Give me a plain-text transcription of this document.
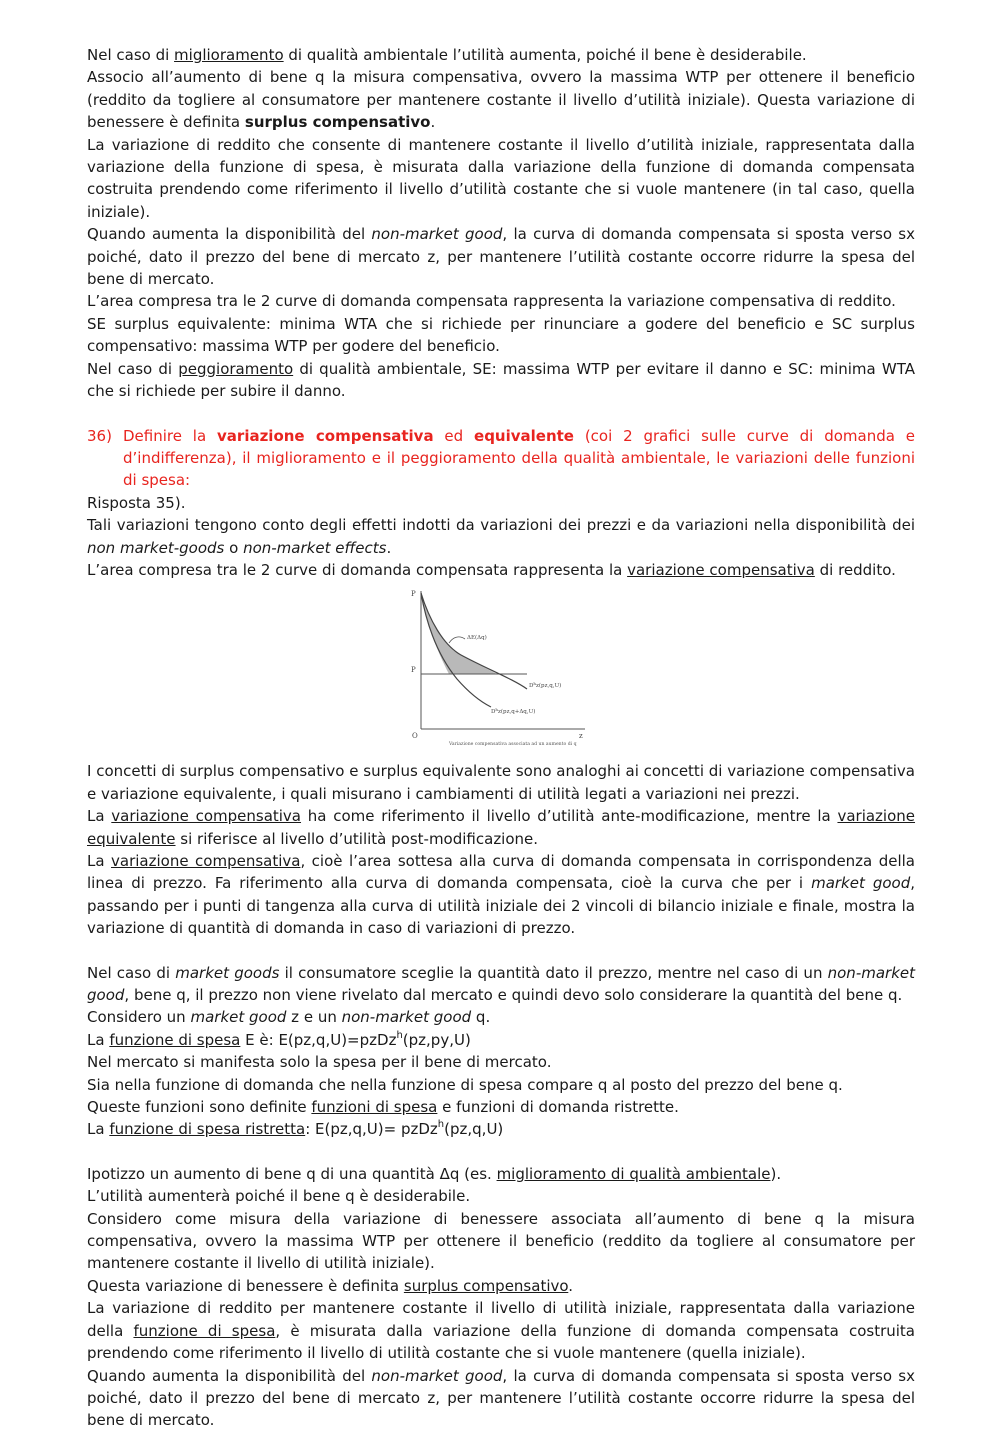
Nel caso di miglioramento di qualità ambientale l’utilità aumenta, poiché il bene è desiderabile.

Associo all’aumento di bene q la misura compensativa, ovvero la massima WTP per ottenere il beneficio (reddito da togliere al consumatore per mantenere costante il livello d’utilità iniziale). Questa variazione di benessere è definita surplus compensativo.

La variazione di reddito che consente di mantenere costante il livello d’utilità iniziale, rappresentata dalla variazione della funzione di spesa, è misurata dalla variazione della funzione di domanda compensata costruita prendendo come riferimento il livello d’utilità costante che si vuole mantenere (in tal caso, quella iniziale).

Quando aumenta la disponibilità del non-market good, la curva di domanda compensata si sposta verso sx poiché, dato il prezzo del bene di mercato z, per mantenere l’utilità costante occorre ridurre la spesa del bene di mercato.

L’area compresa tra le 2 curve di domanda compensata rappresenta la variazione compensativa di reddito.

SE surplus equivalente: minima WTA che si richiede per rinunciare a godere del beneficio e SC surplus compensativo: massima WTP per godere del beneficio.

Nel caso di peggioramento di qualità ambientale, SE: massima WTP per evitare il danno e SC: minima WTA che si richiede per subire il danno.

36) Definire la variazione compensativa ed equivalente (coi 2 grafici sulle curve di domanda e d’indifferenza), il miglioramento e il peggioramento della qualità ambientale, le variazioni delle funzioni di spesa:

Risposta 35).

Tali variazioni tengono conto degli effetti indotti da variazioni dei prezzi e da variazioni nella disponibilità dei non market-goods o non-market effects.

L’area compresa tra le 2 curve di domanda compensata rappresenta la variazione compensativa di reddito.

P
P
O	z
ΔE(Δq)
$D^hz(pz,q,U)$
$D^hz(pz,q+\Delta q,U)$
Variazione compensativa associata ad un aumento di q

I concetti di surplus compensativo e surplus equivalente sono analoghi ai concetti di variazione compensativa e variazione equivalente, i quali misurano i cambiamenti di utilità legati a variazioni nei prezzi.

La variazione compensativa ha come riferimento il livello d’utilità ante-modificazione, mentre la variazione equivalente si riferisce al livello d’utilità post-modificazione.

La variazione compensativa, cioè l’area sottesa alla curva di domanda compensata in corrispondenza della linea di prezzo. Fa riferimento alla curva di domanda compensata, cioè la curva che per i market good, passando per i punti di tangenza alla curva di utilità iniziale dei 2 vincoli di bilancio iniziale e finale, mostra la variazione di quantità di domanda in caso di variazioni di prezzo.

Nel caso di market goods il consumatore sceglie la quantità dato il prezzo, mentre nel caso di un non-market good, bene q, il prezzo non viene rivelato dal mercato e quindi devo solo considerare la quantità del bene q.

Considero un market good z e un non-market good q.

La funzione di spesa E è: E(pz,q,U)=pzDz$^h$(pz,py,U)

Nel mercato si manifesta solo la spesa per il bene di mercato.

Sia nella funzione di domanda che nella funzione di spesa compare q al posto del prezzo del bene q.

Queste funzioni sono definite funzioni di spesa e funzioni di domanda ristrette.

La funzione di spesa ristretta: E(pz,q,U)= pzDz$^h$(pz,q,U)

Ipotizzo un aumento di bene q di una quantità Δq (es. miglioramento di qualità ambientale).

L’utilità aumenterà poiché il bene q è desiderabile.

Considero come misura della variazione di benessere associata all’aumento di bene q la misura compensativa, ovvero la massima WTP per ottenere il beneficio (reddito da togliere al consumatore per mantenere costante il livello di utilità iniziale).

Questa variazione di benessere è definita surplus compensativo.

La variazione di reddito per mantenere costante il livello di utilità iniziale, rappresentata dalla variazione della funzione di spesa, è misurata dalla variazione della funzione di domanda compensata costruita prendendo come riferimento il livello di utilità costante che si vuole mantenere (quella iniziale).

Quando aumenta la disponibilità del non-market good, la curva di domanda compensata si sposta verso sx poiché, dato il prezzo del bene di mercato z, per mantenere l’utilità costante occorre ridurre la spesa del bene di mercato.
